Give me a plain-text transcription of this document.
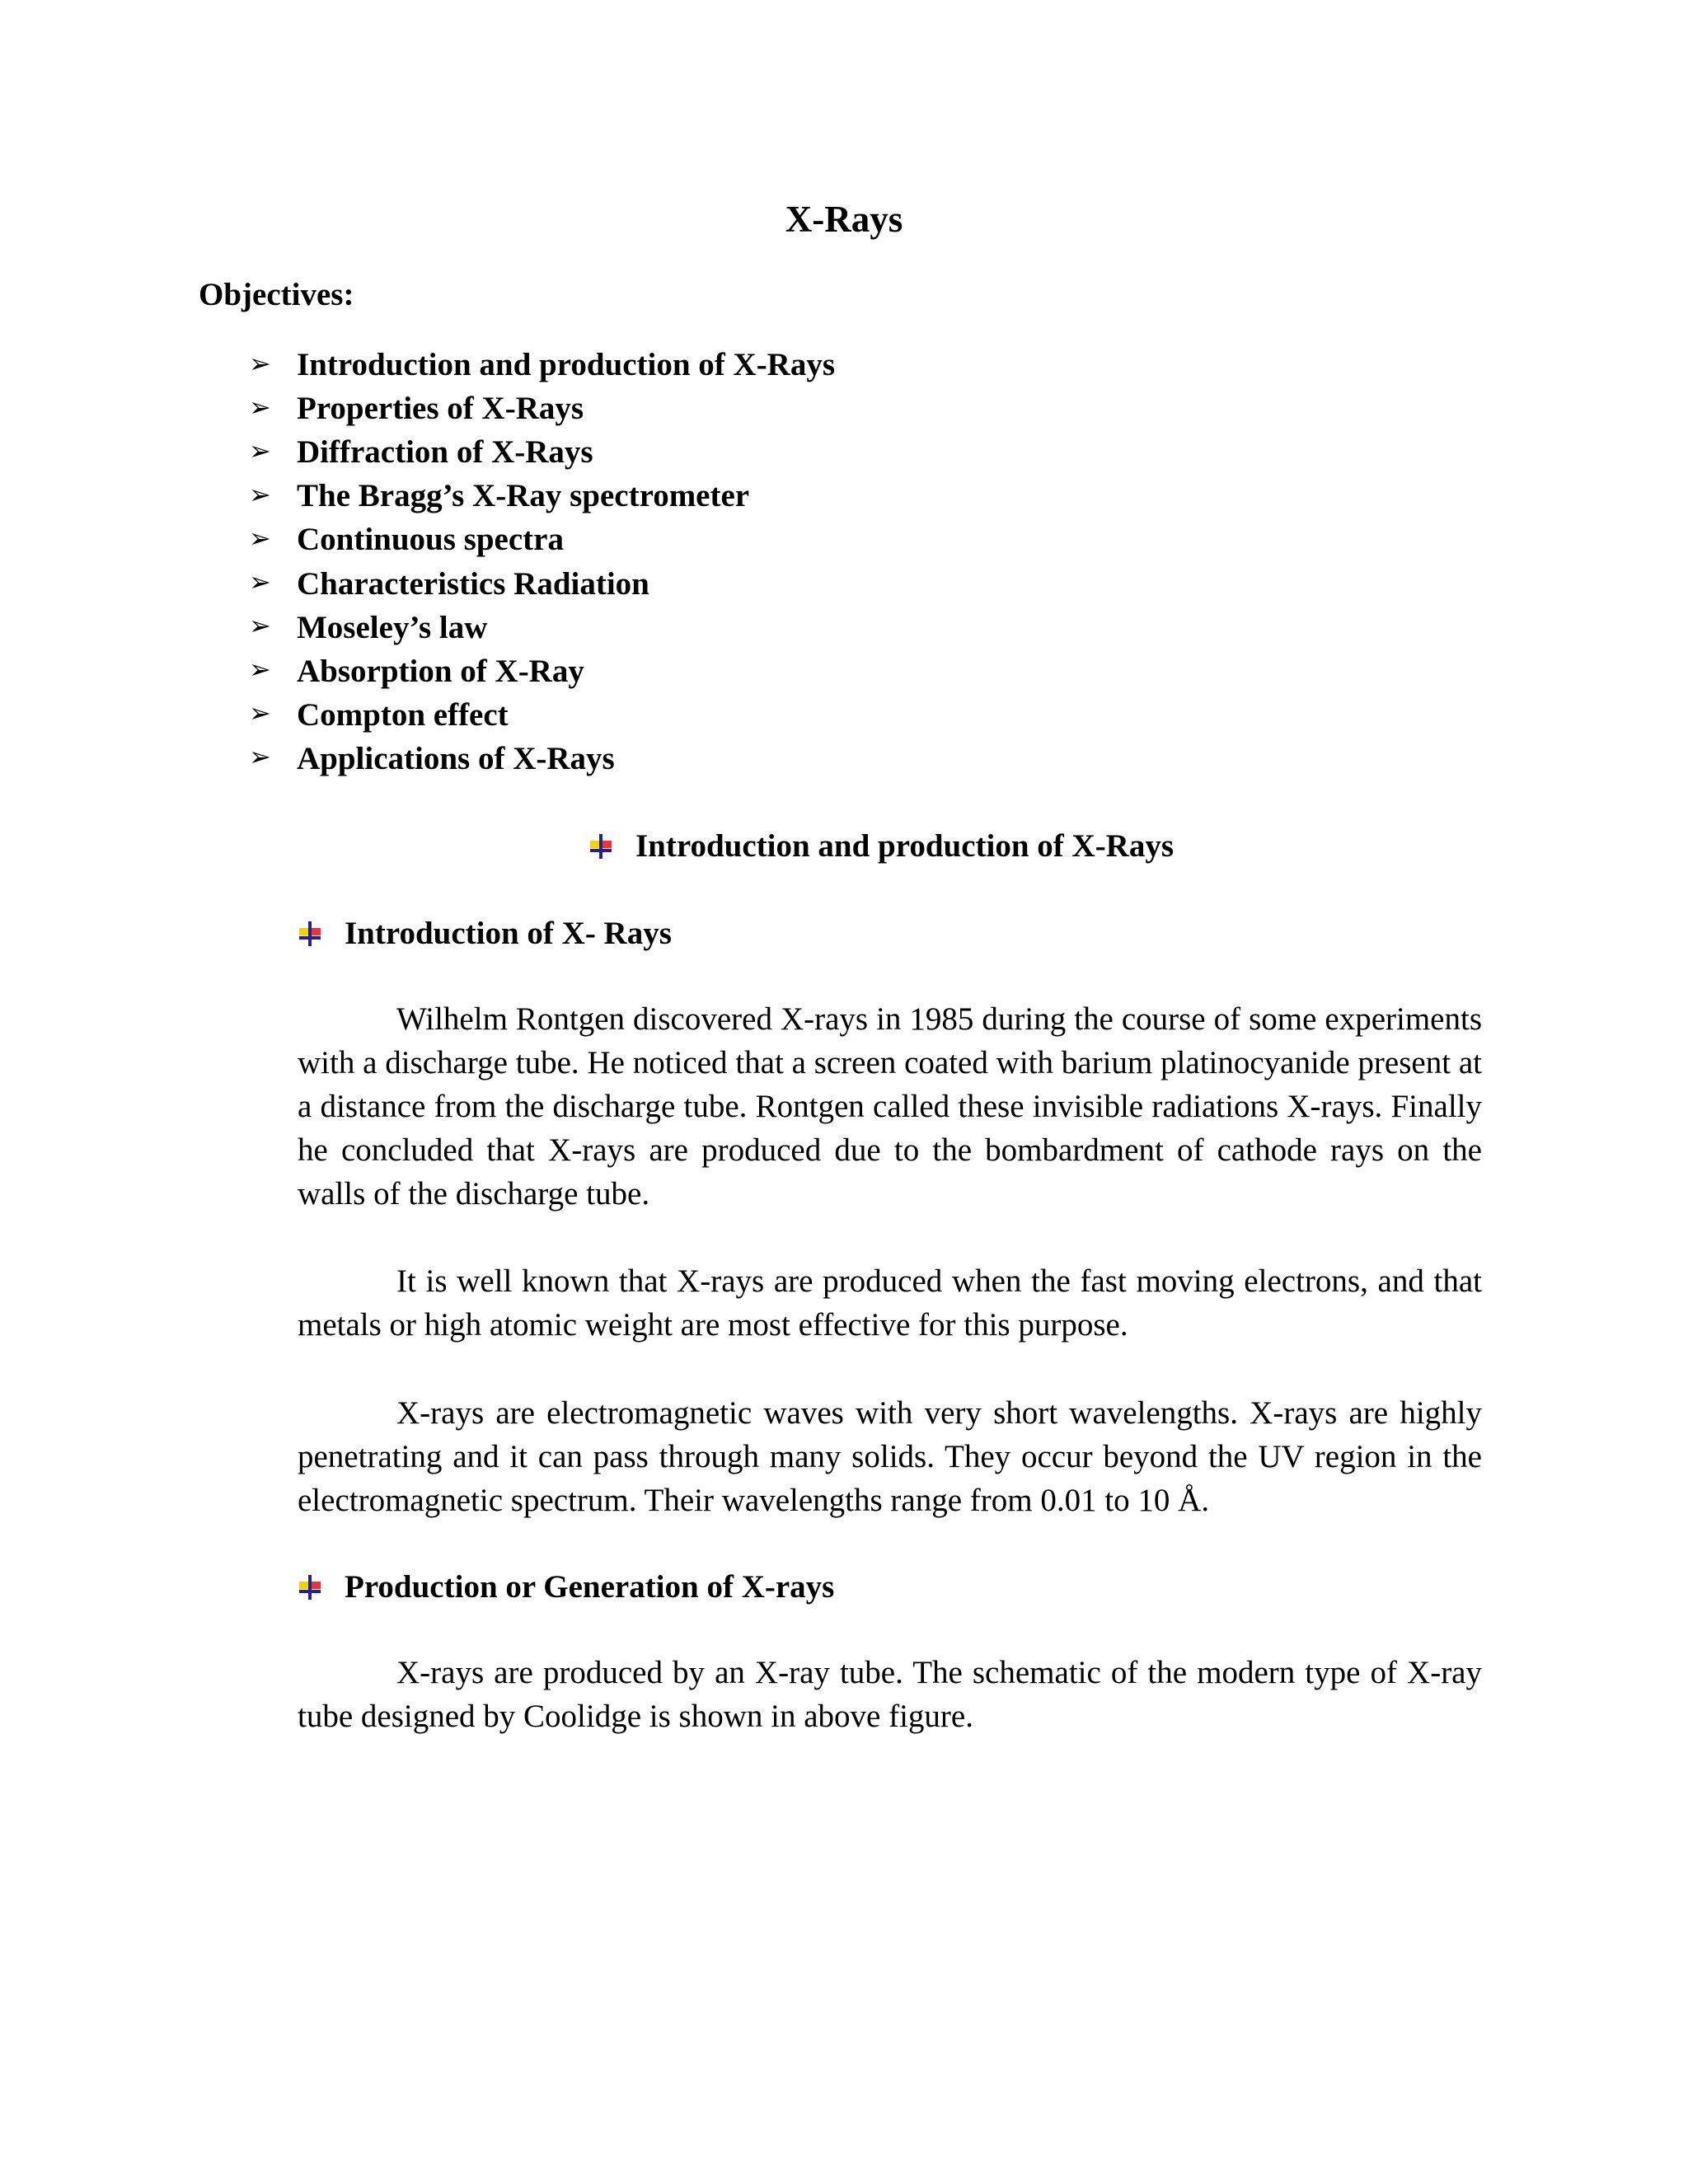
X-Rays
Objectives:
➢ Introduction and production of X-Rays
➢ Properties of X-Rays
➢ Diffraction of X-Rays
➢ The Bragg’s X-Ray spectrometer
➢ Continuous spectra
➢ Characteristics Radiation
➢ Moseley’s law
➢ Absorption of X-Ray
➢ Compton effect
➢ Applications of X-Rays
Introduction and production of X-Rays
Introduction of X- Rays

Wilhelm Rontgen discovered X-rays in 1985 during the course of some experiments with a discharge tube. He noticed that a screen coated with barium platinocyanide present at a distance from the discharge tube. Rontgen called these invisible radiations X-rays. Finally he concluded that X-rays are produced due to the bombardment of cathode rays on the walls of the discharge tube.

It is well known that X-rays are produced when the fast moving electrons, and that metals or high atomic weight are most effective for this purpose.

X-rays are electromagnetic waves with very short wavelengths. X-rays are highly penetrating and it can pass through many solids. They occur beyond the UV region in the electromagnetic spectrum. Their wavelengths range from 0.01 to 10 Å.

Production or Generation of X-rays

X-rays are produced by an X-ray tube. The schematic of the modern type of X-ray tube designed by Coolidge is shown in above figure.
